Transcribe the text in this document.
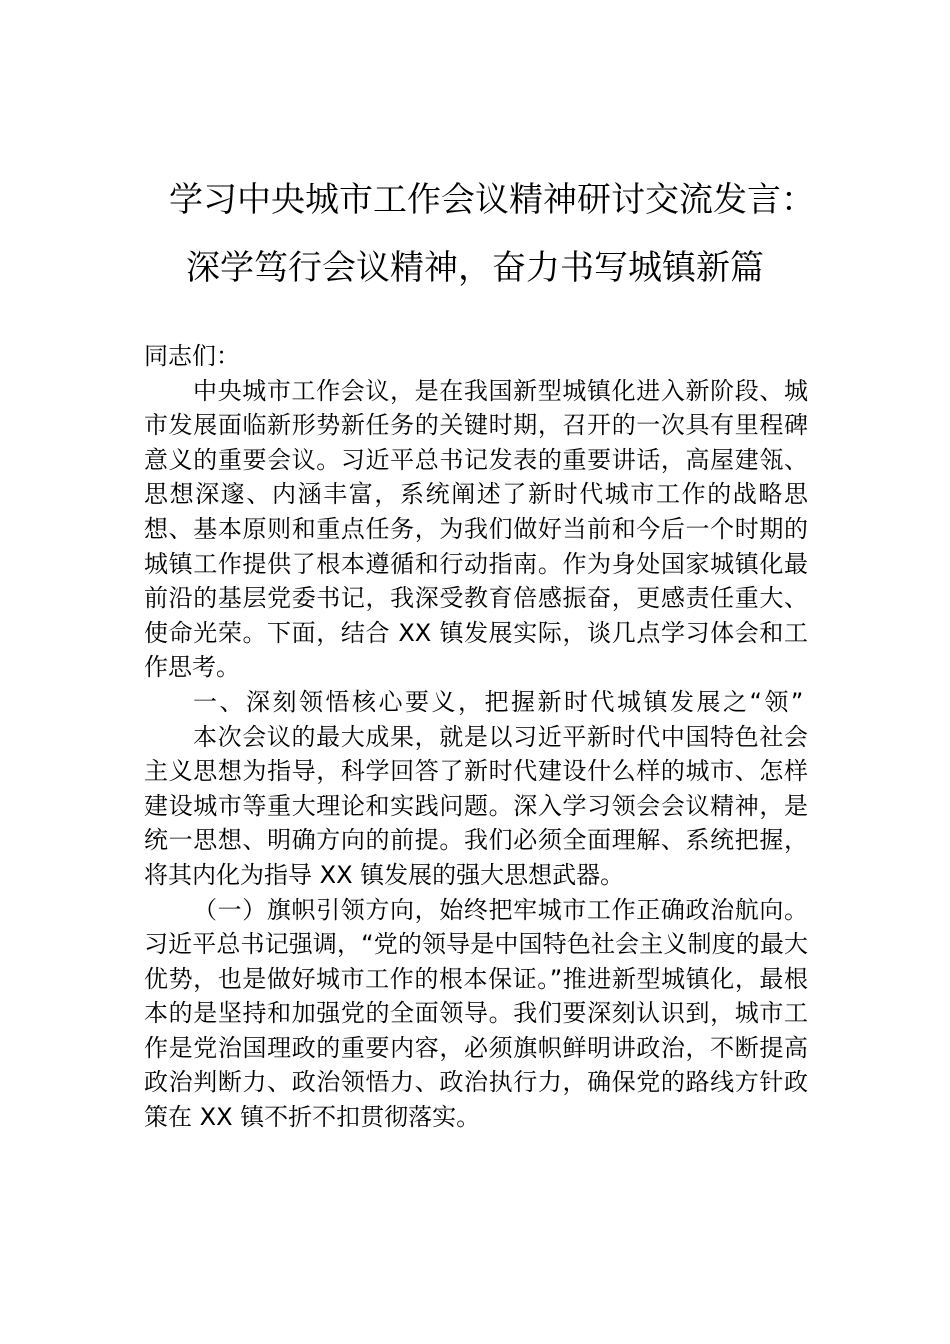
学习中央城市工作会议精神研讨交流发言：
深学笃行会议精神，奋力书写城镇新篇

同志们：

中央城市工作会议，是在我国新型城镇化进入新阶段、城市发展面临新形势新任务的关键时期，召开的一次具有里程碑意义的重要会议。习近平总书记发表的重要讲话，高屋建瓴、思想深邃、内涵丰富，系统阐述了新时代城市工作的战略思想、基本原则和重点任务，为我们做好当前和今后一个时期的城镇工作提供了根本遵循和行动指南。作为身处国家城镇化最前沿的基层党委书记，我深受教育倍感振奋，更感责任重大、使命光荣。下面，结合 XX 镇发展实际，谈几点学习体会和工作思考。

一、深刻领悟核心要义，把握新时代城镇发展之“领”

本次会议的最大成果，就是以习近平新时代中国特色社会主义思想为指导，科学回答了新时代建设什么样的城市、怎样建设城市等重大理论和实践问题。深入学习领会会议精神，是统一思想、明确方向的前提。我们必须全面理解、系统把握，将其内化为指导 XX 镇发展的强大思想武器。

（一）旗帜引领方向，始终把牢城市工作正确政治航向。习近平总书记强调，“党的领导是中国特色社会主义制度的最大优势，也是做好城市工作的根本保证。”推进新型城镇化，最根本的是坚持和加强党的全面领导。我们要深刻认识到，城市工作是党治国理政的重要内容，必须旗帜鲜明讲政治，不断提高政治判断力、政治领悟力、政治执行力，确保党的路线方针政策在 XX 镇不折不扣贯彻落实。
